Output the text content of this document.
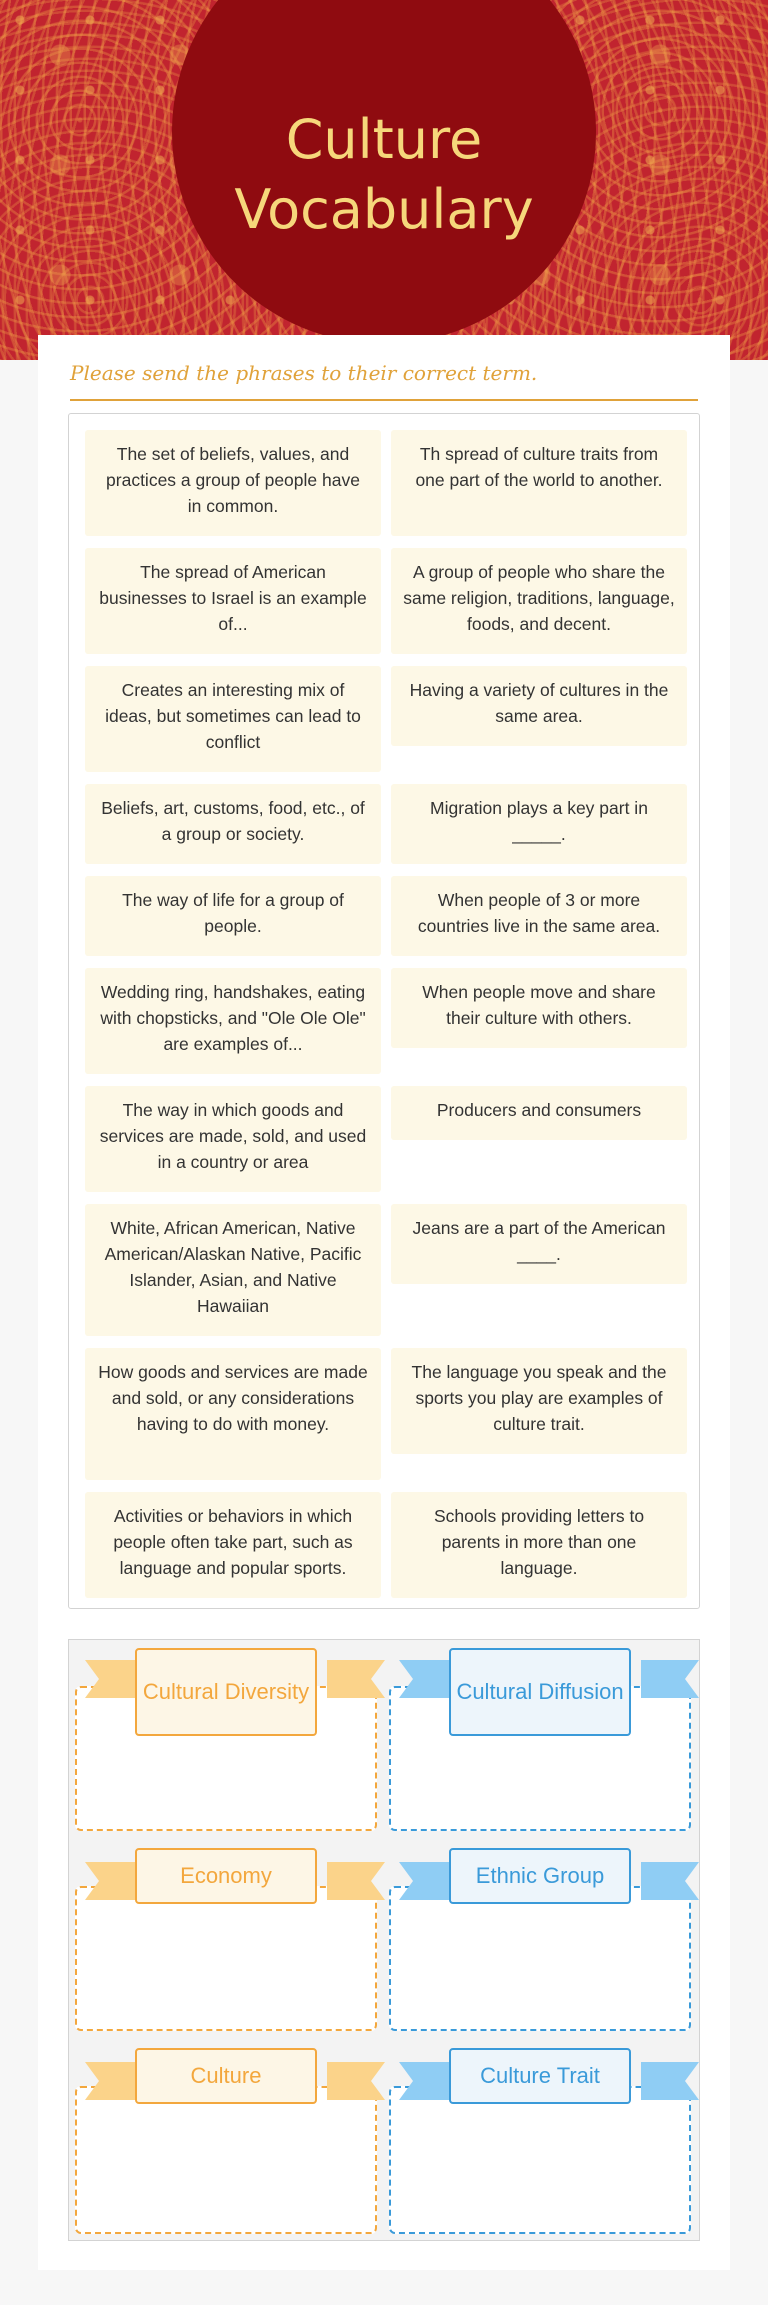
Culture
Vocabulary
Please send the phrases to their correct term.
The set of beliefs, values, and practices a group of people have in common.
Th spread of culture traits from one part of the world to another.
The spread of American businesses to Israel is an example of...
A group of people who share the same religion, traditions, language, foods, and decent.
Creates an interesting mix of ideas, but sometimes can lead to conflict
Having a variety of cultures in the same area.
Beliefs, art, customs, food, etc., of a group or society.
Migration plays a key part in _____.
The way of life for a group of people.
When people of 3 or more countries live in the same area.
Wedding ring, handshakes, eating with chopsticks, and "Ole Ole Ole" are examples of...
When people move and share their culture with others.
The way in which goods and services are made, sold, and used in a country or area
Producers and consumers
White, African American, Native American/Alaskan Native, Pacific Islander, Asian, and Native Hawaiian
Jeans are a part of the American ____.
How goods and services are made and sold, or any considerations having to do with money.
The language you speak and the sports you play are examples of culture trait.
Activities or behaviors in which people often take part, such as language and popular sports.
Schools providing letters to parents in more than one language.
Cultural Diversity	Cultural Diffusion
Economy	Ethnic Group
Culture	Culture Trait
